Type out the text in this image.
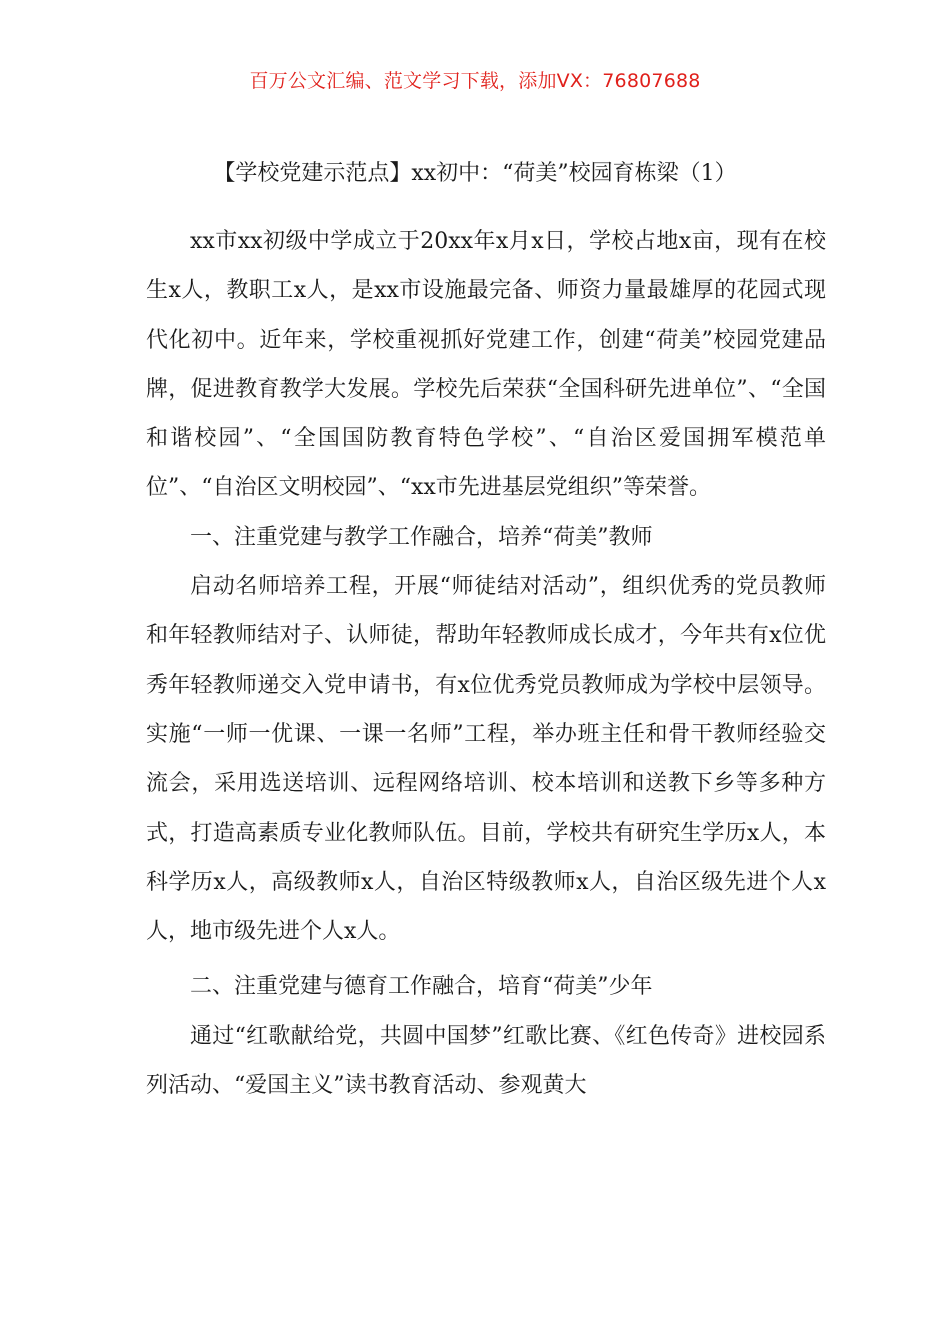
百万公文汇编、范文学习下载，添加VX：76807688
【学校党建示范点】xx初中：“荷美”校园育栋梁（1）

xx市xx初级中学成立于20xx年x月x日，学校占地x亩，现有在校生x人，教职工x人，是xx市设施最完备、师资力量最雄厚的花园式现代化初中。近年来，学校重视抓好党建工作，创建“荷美”校园党建品牌，促进教育教学大发展。学校先后荣获“全国科研先进单位”、“全国和谐校园”、“全国国防教育特色学校”、“自治区爱国拥军模范单位”、“自治区文明校园”、“xx市先进基层党组织”等荣誉。

一、注重党建与教学工作融合，培养“荷美”教师

启动名师培养工程，开展“师徒结对活动”，组织优秀的党员教师和年轻教师结对子、认师徒，帮助年轻教师成长成才，今年共有x位优秀年轻教师递交入党申请书，有x位优秀党员教师成为学校中层领导。实施“一师一优课、一课一名师”工程，举办班主任和骨干教师经验交流会，采用选送培训、远程网络培训、校本培训和送教下乡等多种方式，打造高素质专业化教师队伍。目前，学校共有研究生学历x人，本科学历x人，高级教师x人，自治区特级教师x人，自治区级先进个人x人，地市级先进个人x人。

二、注重党建与德育工作融合，培育“荷美”少年

通过“红歌献给党，共圆中国梦”红歌比赛、《红色传奇》进校园系列活动、“爱国主义”读书教育活动、参观黄大
